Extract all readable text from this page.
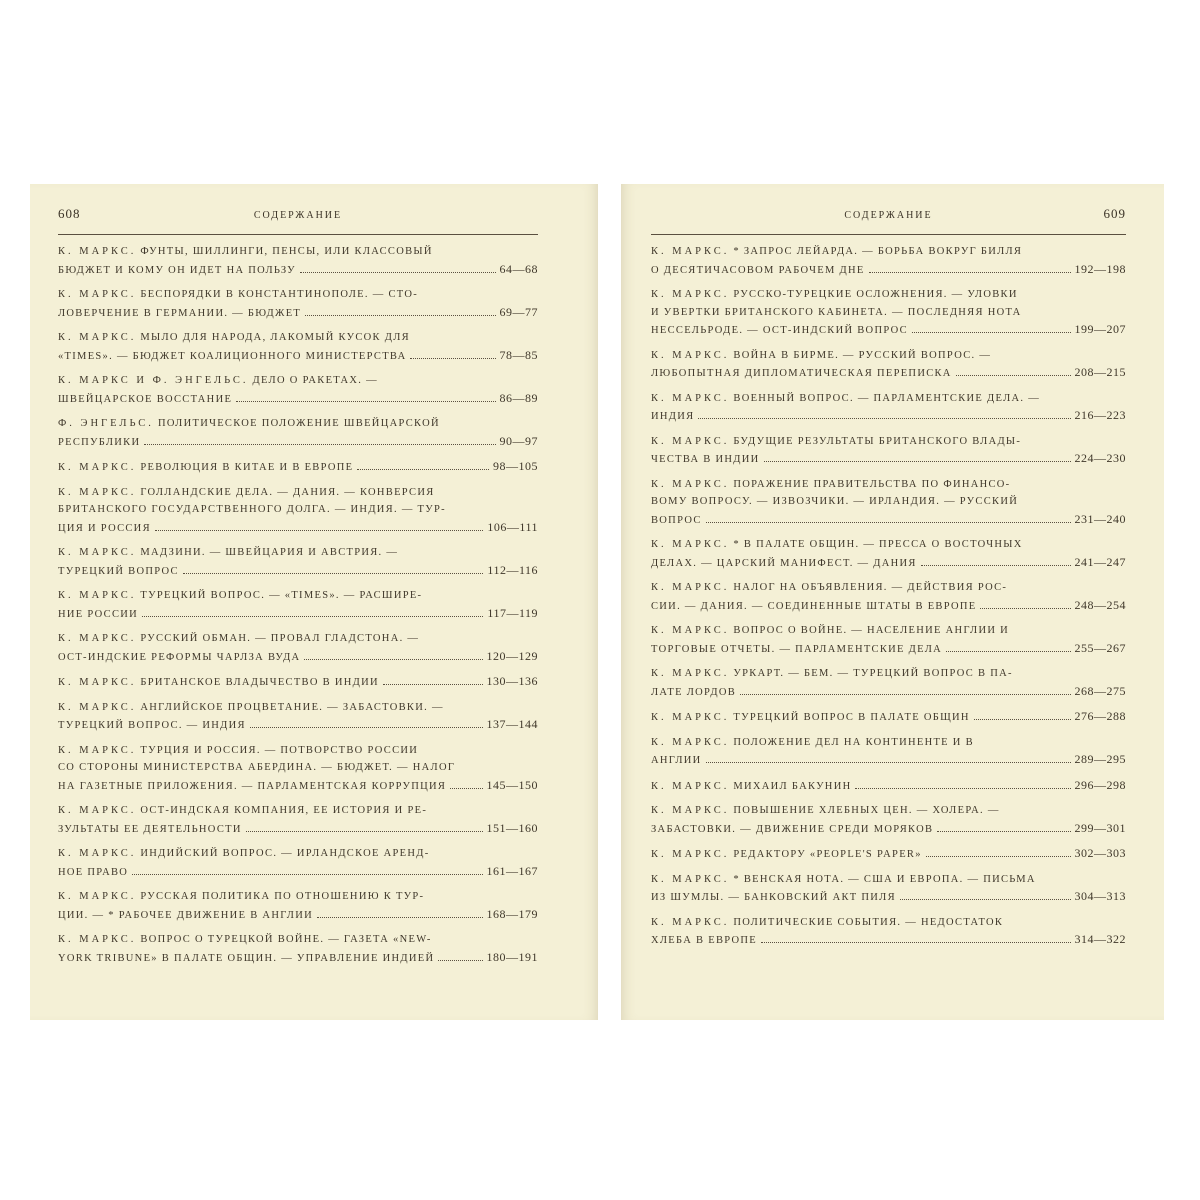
608	СОДЕРЖАНИЕ
К. МАРКС. ФУНТЫ, ШИЛЛИНГИ, ПЕНСЫ, ИЛИ КЛАССОВЫЙ
БЮДЖЕТ И КОМУ ОН ИДЕТ НА ПОЛЬЗУ	64—68
К. МАРКС. БЕСПОРЯДКИ В КОНСТАНТИНОПОЛЕ. — СТО-
ЛОВЕРЧЕНИЕ В ГЕРМАНИИ. — БЮДЖЕТ	69—77
К. МАРКС. МЫЛО ДЛЯ НАРОДА, ЛАКОМЫЙ КУСОК ДЛЯ
«TIMES». — БЮДЖЕТ КОАЛИЦИОННОГО МИНИСТЕРСТВА	78—85
К. МАРКС И Ф. ЭНГЕЛЬС. ДЕЛО О РАКЕТАХ. —
ШВЕЙЦАРСКОЕ ВОССТАНИЕ	86—89
Ф. ЭНГЕЛЬС. ПОЛИТИЧЕСКОЕ ПОЛОЖЕНИЕ ШВЕЙЦАРСКОЙ
РЕСПУБЛИКИ	90—97
К. МАРКС. РЕВОЛЮЦИЯ В КИТАЕ И В ЕВРОПЕ	98—105
К. МАРКС. ГОЛЛАНДСКИЕ ДЕЛА. — ДАНИЯ. — КОНВЕРСИЯ
БРИТАНСКОГО ГОСУДАРСТВЕННОГО ДОЛГА. — ИНДИЯ. — ТУР-
ЦИЯ И РОССИЯ	106—111
К. МАРКС. МАДЗИНИ. — ШВЕЙЦАРИЯ И АВСТРИЯ. —
ТУРЕЦКИЙ ВОПРОС	112—116
К. МАРКС. ТУРЕЦКИЙ ВОПРОС. — «TIMES». — РАСШИРЕ-
НИЕ РОССИИ	117—119
К. МАРКС. РУССКИЙ ОБМАН. — ПРОВАЛ ГЛАДСТОНА. —
ОСТ-ИНДСКИЕ РЕФОРМЫ ЧАРЛЗА ВУДА	120—129
К. МАРКС. БРИТАНСКОЕ ВЛАДЫЧЕСТВО В ИНДИИ	130—136
К. МАРКС. АНГЛИЙСКОЕ ПРОЦВЕТАНИЕ. — ЗАБАСТОВКИ. —
ТУРЕЦКИЙ ВОПРОС. — ИНДИЯ	137—144
К. МАРКС. ТУРЦИЯ И РОССИЯ. — ПОТВОРСТВО РОССИИ
СО СТОРОНЫ МИНИСТЕРСТВА АБЕРДИНА. — БЮДЖЕТ. — НАЛОГ
НА ГАЗЕТНЫЕ ПРИЛОЖЕНИЯ. — ПАРЛАМЕНТСКАЯ КОРРУПЦИЯ	145—150
К. МАРКС. ОСТ-ИНДСКАЯ КОМПАНИЯ, ЕЕ ИСТОРИЯ И РЕ-
ЗУЛЬТАТЫ ЕЕ ДЕЯТЕЛЬНОСТИ	151—160
К. МАРКС. ИНДИЙСКИЙ ВОПРОС. — ИРЛАНДСКОЕ АРЕНД-
НОЕ ПРАВО	161—167
К. МАРКС. РУССКАЯ ПОЛИТИКА ПО ОТНОШЕНИЮ К ТУР-
ЦИИ. — * РАБОЧЕЕ ДВИЖЕНИЕ В АНГЛИИ	168—179
К. МАРКС. ВОПРОС О ТУРЕЦКОЙ ВОЙНЕ. — ГАЗЕТА «NEW-
YORK TRIBUNE» В ПАЛАТЕ ОБЩИН. — УПРАВЛЕНИЕ ИНДИЕЙ	180—191
СОДЕРЖАНИЕ	609
К. МАРКС. * ЗАПРОС ЛЕЙАРДА. — БОРЬБА ВОКРУГ БИЛЛЯ
О ДЕСЯТИЧАСОВОМ РАБОЧЕМ ДНЕ	192—198
К. МАРКС. РУССКО-ТУРЕЦКИЕ ОСЛОЖНЕНИЯ. — УЛОВКИ
И УВЕРТКИ БРИТАНСКОГО КАБИНЕТА. — ПОСЛЕДНЯЯ НОТА
НЕССЕЛЬРОДЕ. — ОСТ-ИНДСКИЙ ВОПРОС	199—207
К. МАРКС. ВОЙНА В БИРМЕ. — РУССКИЙ ВОПРОС. —
ЛЮБОПЫТНАЯ ДИПЛОМАТИЧЕСКАЯ ПЕРЕПИСКА	208—215
К. МАРКС. ВОЕННЫЙ ВОПРОС. — ПАРЛАМЕНТСКИЕ ДЕЛА. —
ИНДИЯ	216—223
К. МАРКС. БУДУЩИЕ РЕЗУЛЬТАТЫ БРИТАНСКОГО ВЛАДЫ-
ЧЕСТВА В ИНДИИ	224—230
К. МАРКС. ПОРАЖЕНИЕ ПРАВИТЕЛЬСТВА ПО ФИНАНСО-
ВОМУ ВОПРОСУ. — ИЗВОЗЧИКИ. — ИРЛАНДИЯ. — РУССКИЙ
ВОПРОС	231—240
К. МАРКС. * В ПАЛАТЕ ОБЩИН. — ПРЕССА О ВОСТОЧНЫХ
ДЕЛАХ. — ЦАРСКИЙ МАНИФЕСТ. — ДАНИЯ	241—247
К. МАРКС. НАЛОГ НА ОБЪЯВЛЕНИЯ. — ДЕЙСТВИЯ РОС-
СИИ. — ДАНИЯ. — СОЕДИНЕННЫЕ ШТАТЫ В ЕВРОПЕ	248—254
К. МАРКС. ВОПРОС О ВОЙНЕ. — НАСЕЛЕНИЕ АНГЛИИ И
ТОРГОВЫЕ ОТЧЕТЫ. — ПАРЛАМЕНТСКИЕ ДЕЛА	255—267
К. МАРКС. УРКАРТ. — БЕМ. — ТУРЕЦКИЙ ВОПРОС В ПА-
ЛАТЕ ЛОРДОВ	268—275
К. МАРКС. ТУРЕЦКИЙ ВОПРОС В ПАЛАТЕ ОБЩИН	276—288
К. МАРКС. ПОЛОЖЕНИЕ ДЕЛ НА КОНТИНЕНТЕ И В
АНГЛИИ	289—295
К. МАРКС. МИХАИЛ БАКУНИН	296—298
К. МАРКС. ПОВЫШЕНИЕ ХЛЕБНЫХ ЦЕН. — ХОЛЕРА. —
ЗАБАСТОВКИ. — ДВИЖЕНИЕ СРЕДИ МОРЯКОВ	299—301
К. МАРКС. РЕДАКТОРУ «PEOPLE'S PAPER»	302—303
К. МАРКС. * ВЕНСКАЯ НОТА. — США И ЕВРОПА. — ПИСЬМА
ИЗ ШУМЛЫ. — БАНКОВСКИЙ АКТ ПИЛЯ	304—313
К. МАРКС. ПОЛИТИЧЕСКИЕ СОБЫТИЯ. — НЕДОСТАТОК
ХЛЕБА В ЕВРОПЕ	314—322
